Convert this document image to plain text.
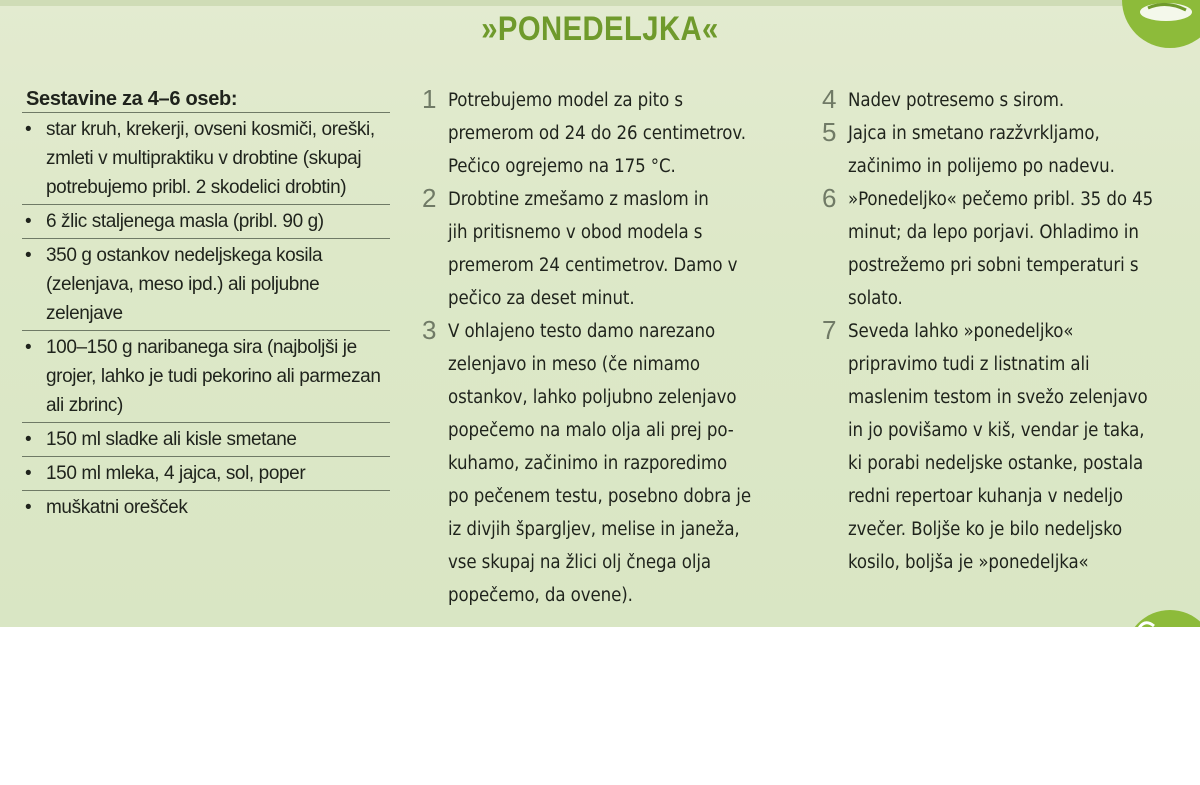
»PONEDELJKA«
Sestavine za 4–6 oseb:
• star kruh, krekerji, ovseni kosmiči, oreški, zmleti v multipraktiku v drobtine (skupaj potrebujemo pribl. 2 skodelici drobtin)
• 6 žlic staljenega masla (pribl. 90 g)
• 350 g ostankov nedeljskega kosila (zelenjava, meso ipd.) ali poljubne zelenjave
• 100–150 g naribanega sira (najboljši je grojer, lahko je tudi pekorino ali parmezan ali zbrinc)
• 150 ml sladke ali kisle smetane
• 150 ml mleka, 4 jajca, sol, poper
• muškatni orešček
1 Potrebujemo model za pito s
premerom od 24 do 26 centimetrov.
Pečico ogrejemo na 175 °C.
2 Drobtine zmešamo z maslom in
jih pritisnemo v obod modela s
premerom 24 centimetrov. Damo v
pečico za deset minut.
3 V ohlajeno testo damo narezano
zelenjavo in meso (če nimamo
ostankov, lahko poljubno zelenjavo
popečemo na malo olja ali prej po-
kuhamo, začinimo in razporedimo
po pečenem testu, posebno dobra je
iz divjih špargljev, melise in janeža,
vse skupaj na žlici olj čnega olja
popečemo, da ovene).
4 Nadev potresemo s sirom.
5 Jajca in smetano razžvrkljamo,
začinimo in polijemo po nadevu.
6 »Ponedeljko« pečemo pribl. 35 do 45
minut; da lepo porjavi. Ohladimo in
postrežemo pri sobni temperaturi s
solato.
7 Seveda lahko »ponedeljko«
pripravimo tudi z listnatim ali
maslenim testom in svežo zelenjavo
in jo povišamo v kiš, vendar je taka,
ki porabi nedeljske ostanke, postala
redni repertoar kuhanja v nedeljo
zvečer. Boljše ko je bilo nedeljsko
kosilo, boljša je »ponedeljka«
